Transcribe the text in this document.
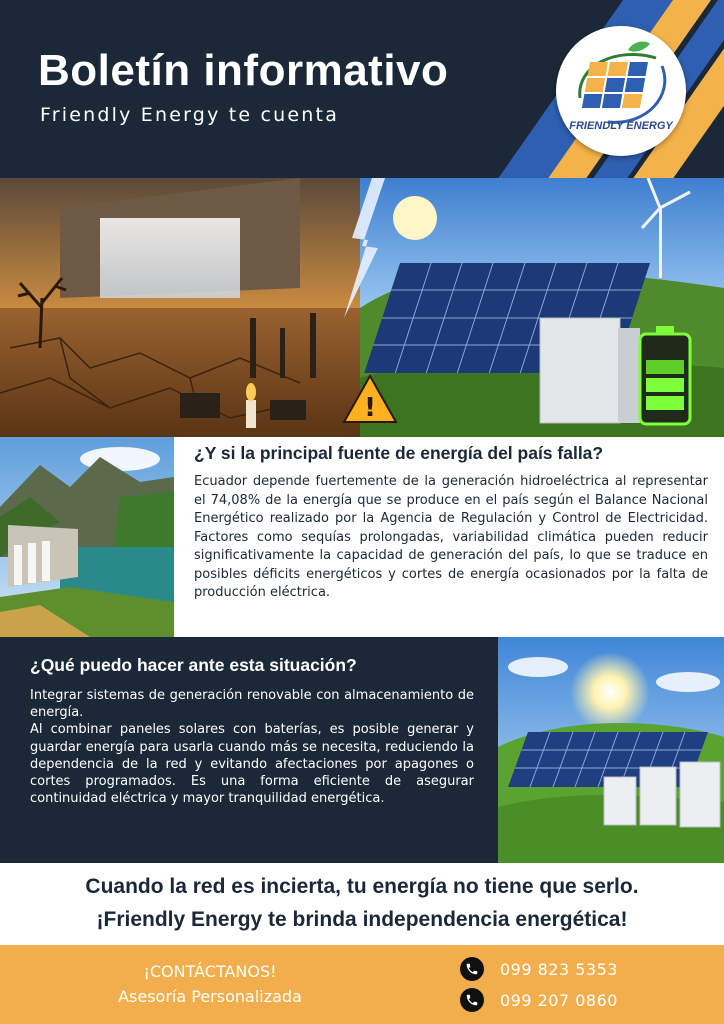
Boletín informativo
Friendly Energy te cuenta	FRIENDLY ENERGY
!
¿Y si la principal fuente de energía del país falla?
Ecuador depende fuertemente de la generación hidroeléctrica al representar el 74,08% de la energía que se produce en el país según el Balance Nacional Energético realizado por la Agencia de Regulación y Control de Electricidad. Factores como sequías prolongadas, variabilidad climática pueden reducir significativamente la capacidad de generación del país, lo que se traduce en posibles déficits energéticos y cortes de energía ocasionados por la falta de producción eléctrica.
¿Qué puedo hacer ante esta situación?

Integrar sistemas de generación renovable con almacenamiento de energía.

Al combinar paneles solares con baterías, es posible generar y guardar energía para usarla cuando más se necesita, reduciendo la dependencia de la red y evitando afectaciones por apagones o cortes programados. Es una forma eficiente de asegurar continuidad eléctrica y mayor tranquilidad energética.

Cuando la red es incierta, tu energía no tiene que serlo.
¡Friendly Energy te brinda independencia energética!
¡CONTÁCTANOS!
Asesoría Personalizada
099 823 5353
099 207 0860
